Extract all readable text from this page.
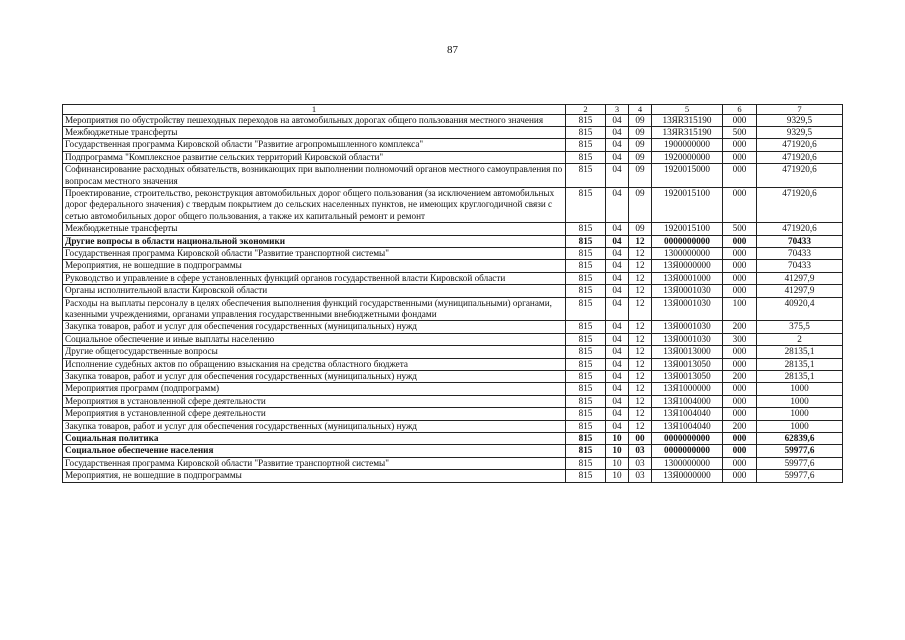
87
1	2	3	4	5	6	7
Мероприятия по обустройству пешеходных переходов на автомобильных дорогах общего пользования местного значения	815	04	09	13ЯR315190	000	9329,5
Межбюджетные трансферты	815	04	09	13ЯR315190	500	9329,5
Государственная программа Кировской области "Развитие агропромышленного комплекса"	815	04	09	1900000000	000	471920,6
Подпрограмма "Комплексное развитие сельских территорий Кировской области"	815	04	09	1920000000	000	471920,6
Софинансирование расходных обязательств, возникающих при выполнении полномочий органов местного самоуправления по вопросам местного значения	815	04	09	1920015000	000	471920,6
Проектирование, строительство, реконструкция автомобильных дорог общего пользования (за исключением автомобильных дорог федерального значения) с твердым покрытием до сельских населенных пунктов, не имеющих круглогодичной связи с сетью автомобильных дорог общего пользования, а также их капитальный ремонт и ремонт	815	04	09	1920015100	000	471920,6
Межбюджетные трансферты	815	04	09	1920015100	500	471920,6
Другие вопросы в области национальной экономики	815	04	12	0000000000	000	70433
Государственная программа Кировской области "Развитие транспортной системы"	815	04	12	1300000000	000	70433
Мероприятия, не вошедшие в подпрограммы	815	04	12	13Я0000000	000	70433
Руководство и управление в сфере установленных функций органов государственной власти Кировской области	815	04	12	13Я0001000	000	41297,9
Органы исполнительной власти Кировской области	815	04	12	13Я0001030	000	41297,9
Расходы на выплаты персоналу в целях обеспечения выполнения функций государственными (муниципальными) органами, казенными учреждениями, органами управления государственными внебюджетными фондами	815	04	12	13Я0001030	100	40920,4
Закупка товаров, работ и услуг для обеспечения государственных (муниципальных) нужд	815	04	12	13Я0001030	200	375,5
Социальное обеспечение и иные выплаты населению	815	04	12	13Я0001030	300	2
Другие общегосударственные вопросы	815	04	12	13Я0013000	000	28135,1
Исполнение судебных актов по обращению взыскания на средства областного бюджета	815	04	12	13Я0013050	000	28135,1
Закупка товаров, работ и услуг для обеспечения государственных (муниципальных) нужд	815	04	12	13Я0013050	200	28135,1
Мероприятия программ (подпрограмм)	815	04	12	13Я1000000	000	1000
Мероприятия в установленной сфере деятельности	815	04	12	13Я1004000	000	1000
Мероприятия в установленной сфере деятельности	815	04	12	13Я1004040	000	1000
Закупка товаров, работ и услуг для обеспечения государственных (муниципальных) нужд	815	04	12	13Я1004040	200	1000
Социальная политика	815	10	00	0000000000	000	62839,6
Социальное обеспечение населения	815	10	03	0000000000	000	59977,6
Государственная программа Кировской области "Развитие транспортной системы"	815	10	03	1300000000	000	59977,6
Мероприятия, не вошедшие в подпрограммы	815	10	03	13Я0000000	000	59977,6
